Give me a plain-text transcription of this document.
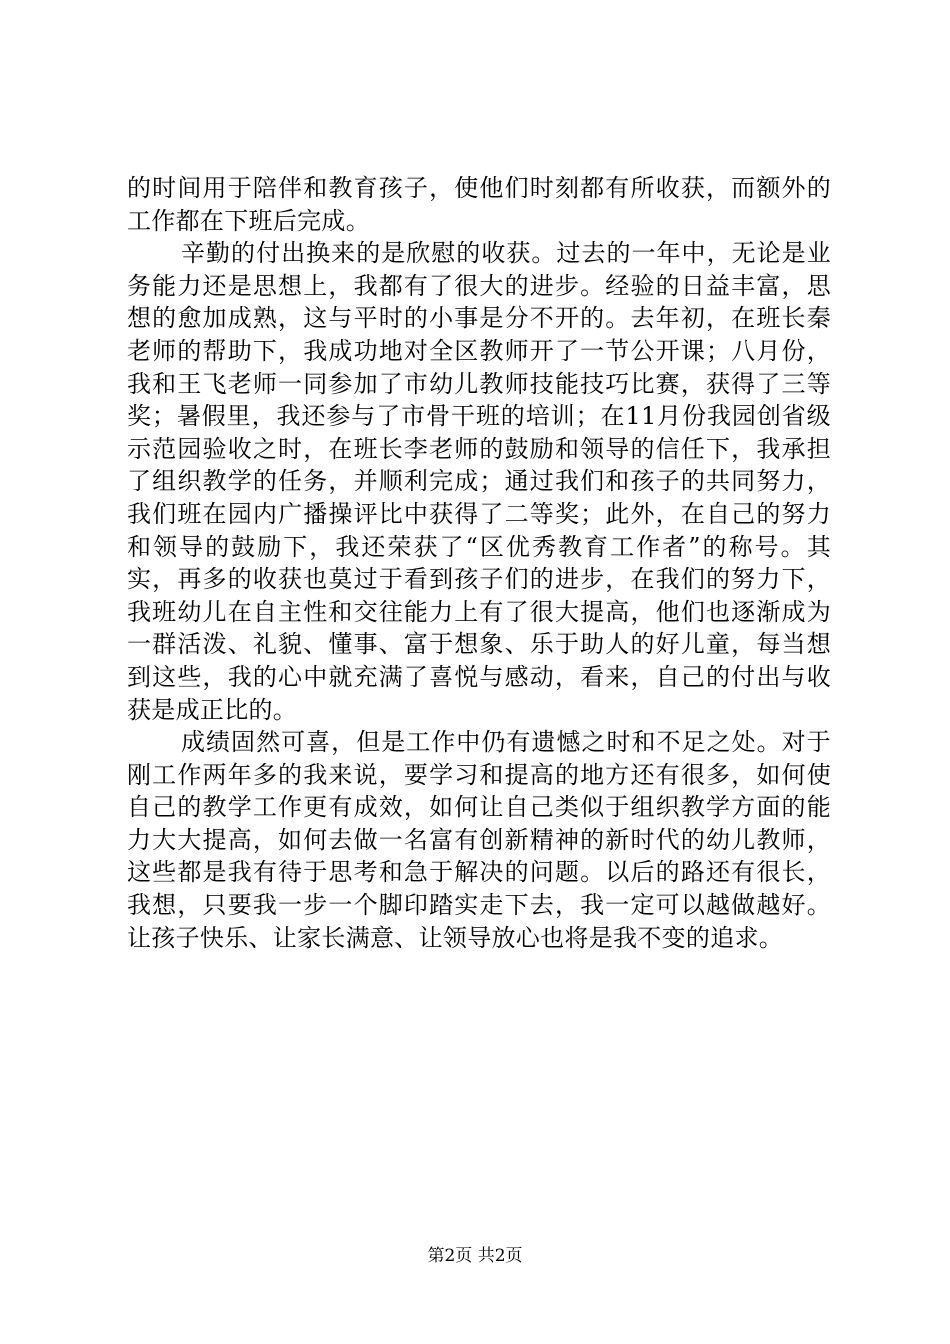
的时间用于陪伴和教育孩子，使他们时刻都有所收获，而额外的工作都在下班后完成。

辛勤的付出换来的是欣慰的收获。过去的一年中，无论是业务能力还是思想上，我都有了很大的进步。经验的日益丰富，思想的愈加成熟，这与平时的小事是分不开的。去年初，在班长秦老师的帮助下，我成功地对全区教师开了一节公开课；八月份，我和王飞老师一同参加了市幼儿教师技能技巧比赛，获得了三等奖；暑假里，我还参与了市骨干班的培训；在11月份我园创省级示范园验收之时，在班长李老师的鼓励和领导的信任下，我承担了组织教学的任务，并顺利完成；通过我们和孩子的共同努力，我们班在园内广播操评比中获得了二等奖；此外，在自己的努力和领导的鼓励下，我还荣获了“区优秀教育工作者”的称号。其实，再多的收获也莫过于看到孩子们的进步，在我们的努力下，我班幼儿在自主性和交往能力上有了很大提高，他们也逐渐成为一群活泼、礼貌、懂事、富于想象、乐于助人的好儿童，每当想到这些，我的心中就充满了喜悦与感动，看来，自己的付出与收获是成正比的。

成绩固然可喜，但是工作中仍有遗憾之时和不足之处。对于刚工作两年多的我来说，要学习和提高的地方还有很多，如何使自己的教学工作更有成效，如何让自己类似于组织教学方面的能力大大提高，如何去做一名富有创新精神的新时代的幼儿教师，这些都是我有待于思考和急于解决的问题。以后的路还有很长，我想，只要我一步一个脚印踏实走下去，我一定可以越做越好。让孩子快乐、让家长满意、让领导放心也将是我不变的追求。

第2页 共2页
